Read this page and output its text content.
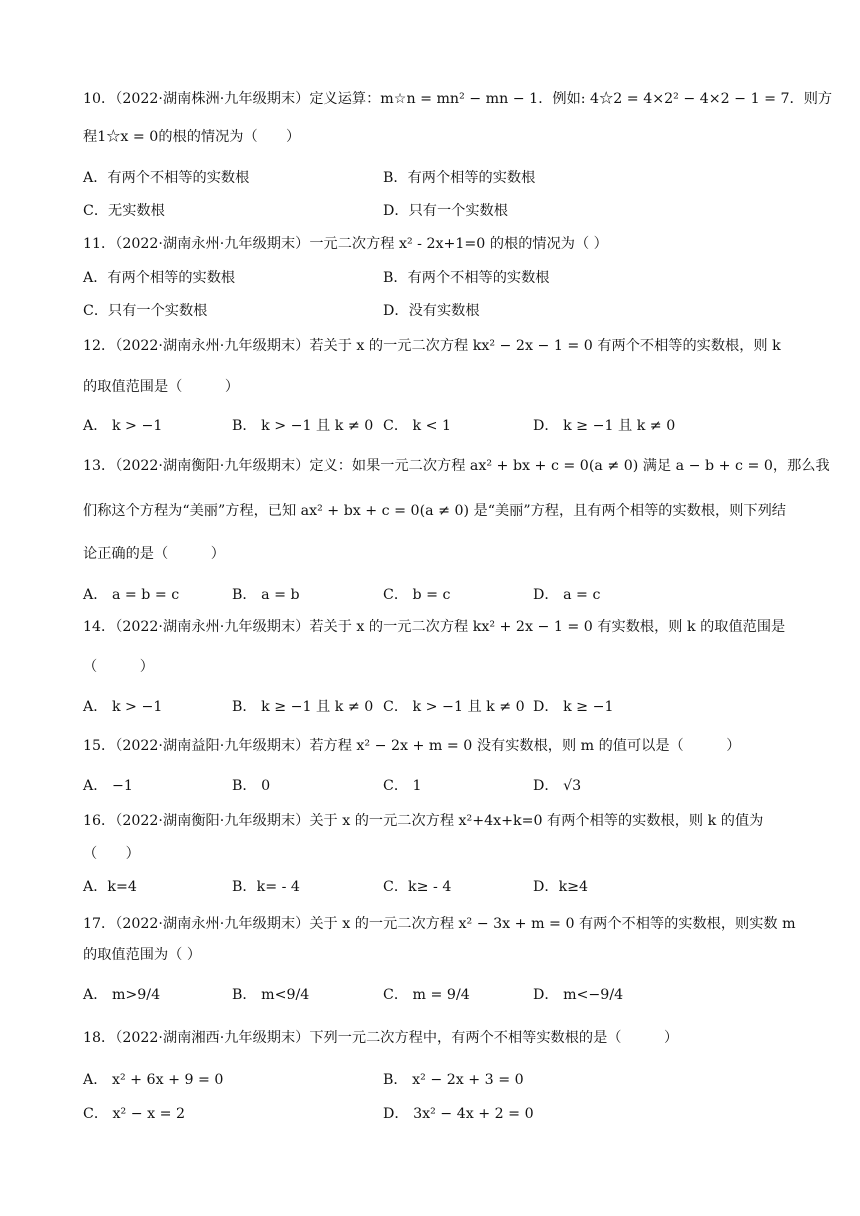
10．（2022·湖南株洲·九年级期末）定义运算：m☆n = mn² − mn − 1．例如: 4☆2 = 4×2² − 4×2 − 1 = 7．则方
程1☆x = 0的根的情况为（　　）
A．有两个不相等的实数根	B．有两个相等的实数根
C．无实数根	D．只有一个实数根
11．（2022·湖南永州·九年级期末）一元二次方程 x² - 2x+1=0 的根的情况为（ ）
A．有两个相等的实数根	B．有两个不相等的实数根
C．只有一个实数根	D．没有实数根
12．（2022·湖南永州·九年级期末）若关于 x 的一元二次方程 kx² − 2x − 1 = 0 有两个不相等的实数根，则 k
的取值范围是（　　　）
A． k > −1	B． k > −1 且 k ≠ 0 C． k < 1	D． k ≥ −1 且 k ≠ 0
13．（2022·湖南衡阳·九年级期末）定义：如果一元二次方程 ax² + bx + c = 0(a ≠ 0) 满足 a − b + c = 0，那么我
们称这个方程为“美丽”方程，已知 ax² + bx + c = 0(a ≠ 0) 是“美丽”方程，且有两个相等的实数根，则下列结
论正确的是（　　　）
A． a = b = c	B． a = b	C． b = c	D． a = c
14．（2022·湖南永州·九年级期末）若关于 x 的一元二次方程 kx² + 2x − 1 = 0 有实数根，则 k 的取值范围是
（　　　）
A． k > −1	B． k ≥ −1 且 k ≠ 0 C． k > −1 且 k ≠ 0 D． k ≥ −1
15．（2022·湖南益阳·九年级期末）若方程 x² − 2x + m = 0 没有实数根，则 m 的值可以是（　　　）
A． −1	B． 0	C． 1	D． √3
16．（2022·湖南衡阳·九年级期末）关于 x 的一元二次方程 x²+4x+k=0 有两个相等的实数根，则 k 的值为
（　　）
A．k=4	B．k= - 4	C．k≥ - 4	D．k≥4
17．（2022·湖南永州·九年级期末）关于 x 的一元二次方程 x² − 3x + m = 0 有两个不相等的实数根，则实数 m
的取值范围为（ ）
A． m>9/4	B． m<9/4	C． m = 9/4	D． m<−9/4
18．（2022·湖南湘西·九年级期末）下列一元二次方程中，有两个不相等实数根的是（　　　）
A． x² + 6x + 9 = 0	B． x² − 2x + 3 = 0
C． x² − x = 2	D． 3x² − 4x + 2 = 0
